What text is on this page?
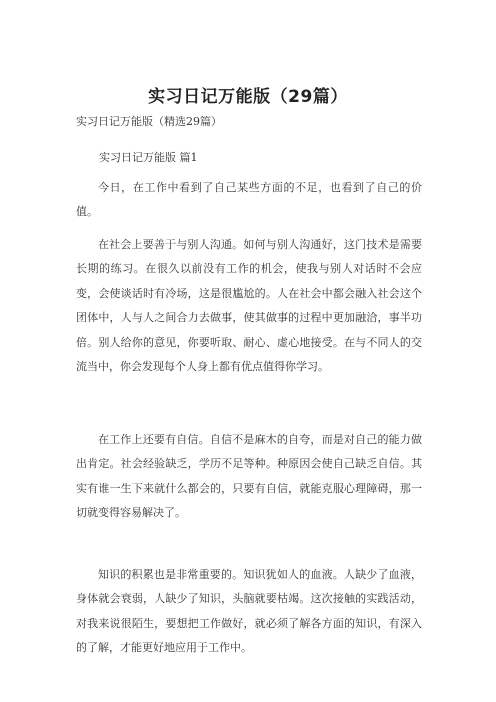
实习日记万能版（29篇）
实习日记万能版（精选29篇）
实习日记万能版 篇1

今日，在工作中看到了自己某些方面的不足，也看到了自己的价值。

在社会上要善于与别人沟通。如何与别人沟通好，这门技术是需要长期的练习。在很久以前没有工作的机会，使我与别人对话时不会应变，会使谈话时有冷场，这是很尴尬的。人在社会中都会融入社会这个团体中，人与人之间合力去做事，使其做事的过程中更加融洽，事半功倍。别人给你的意见，你要听取、耐心、虚心地接受。在与不同人的交流当中，你会发现每个人身上都有优点值得你学习。

在工作上还要有自信。自信不是麻木的自夸，而是对自己的能力做出肯定。社会经验缺乏，学历不足等种。种原因会使自己缺乏自信。其实有谁一生下来就什么都会的，只要有自信，就能克服心理障碍，那一切就变得容易解决了。

知识的积累也是非常重要的。知识犹如人的血液。人缺少了血液，身体就会衰弱，人缺少了知识，头脑就要枯竭。这次接触的实践活动，对我来说很陌生，要想把工作做好，就必须了解各方面的知识，有深入的了解，才能更好地应用于工作中。
